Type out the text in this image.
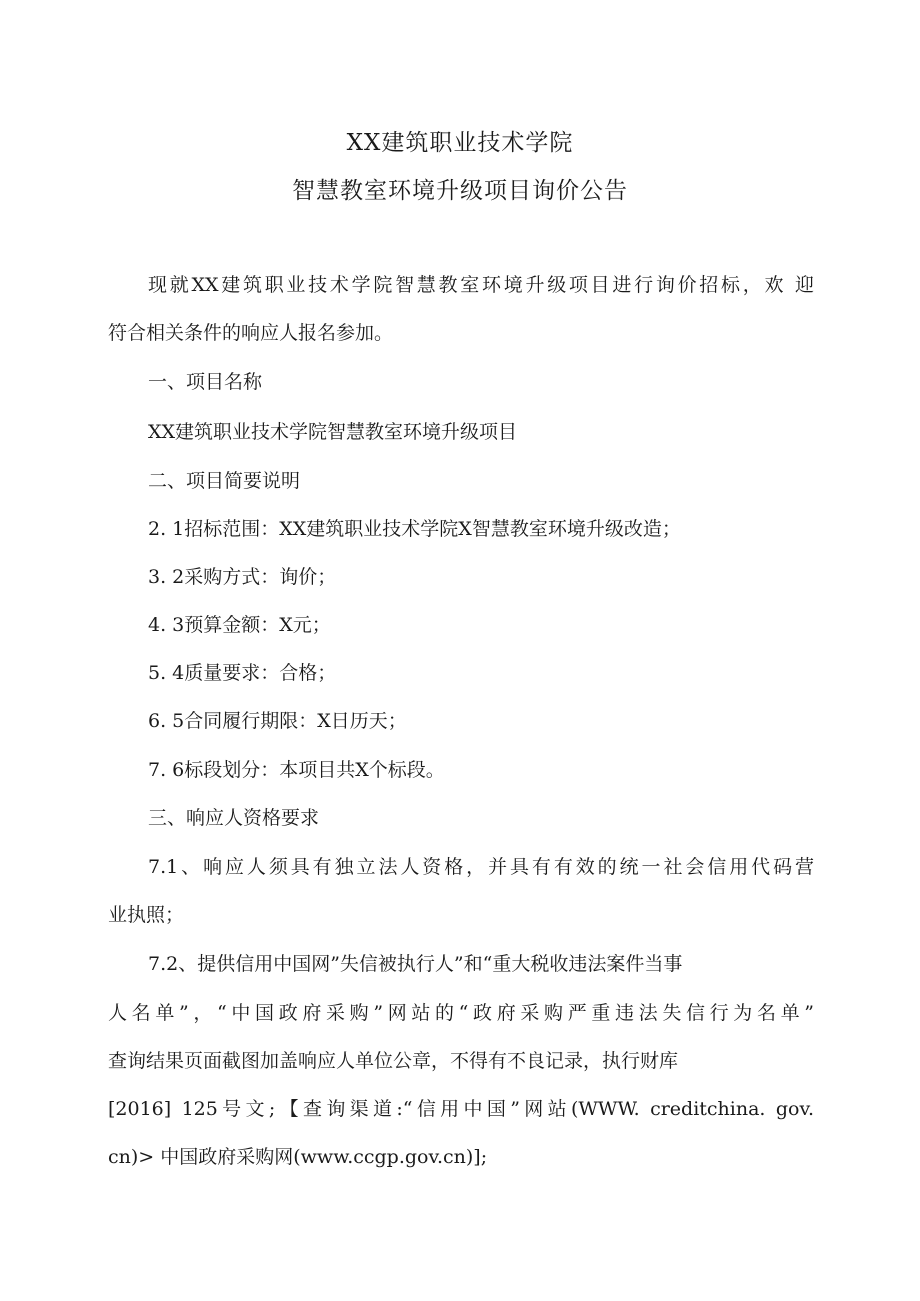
XX建筑职业技术学院
智慧教室环境升级项目询价公告
现就XX建筑职业技术学院智慧教室环境升级项目进行询价招标，欢 迎
符合相关条件的响应人报名参加。
一、项目名称
XX建筑职业技术学院智慧教室环境升级项目
二、项目简要说明
2. 1招标范围：XX建筑职业技术学院X智慧教室环境升级改造；
3. 2采购方式：询价；
4. 3预算金额：X元；
5. 4质量要求：合格；
6. 5合同履行期限：X日历天；
7. 6标段划分：本项目共X个标段。
三、响应人资格要求
7.1、响应人须具有独立法人资格，并具有有效的统一社会信用代码营
业执照；
7.2、提供信用中国网”失信被执行人”和“重大税收违法案件当事
人名单”，“中国政府采购”网站的“政府采购严重违法失信行为名单”
查询结果页面截图加盖响应人单位公章，不得有不良记录，执行财库
[2016] 125号文;【查询渠道:“信用中国”网站(WWW. creditchina. gov.
cn)> 中国政府采购网(www.ccgp.gov.cn)];
